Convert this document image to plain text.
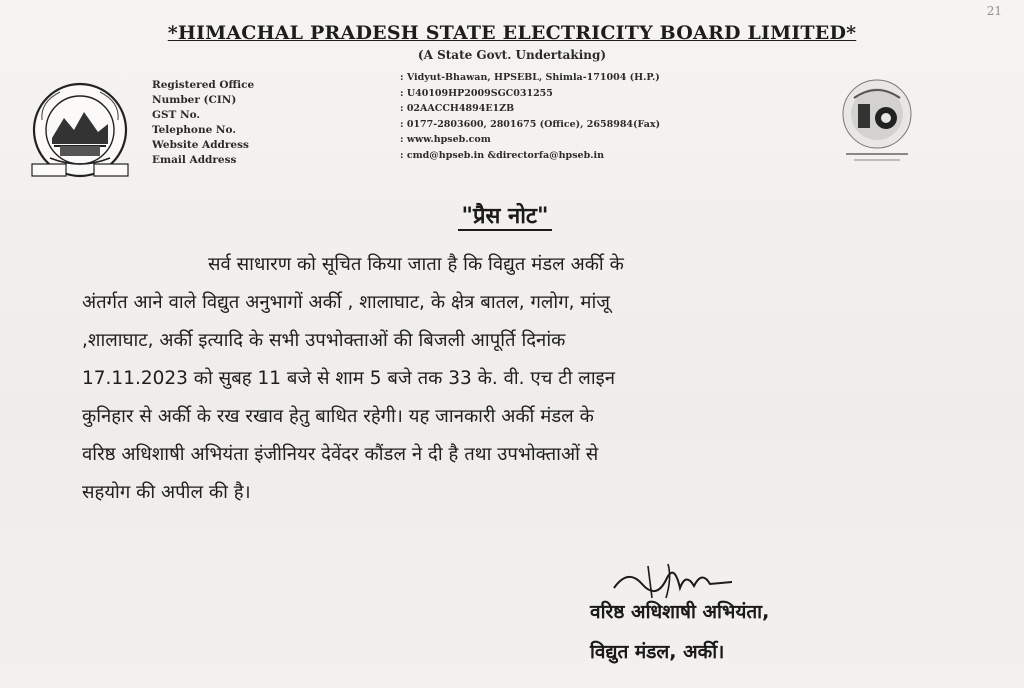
21
*HIMACHAL PRADESH STATE ELECTRICITY BOARD LIMITED*
(A State Govt. Undertaking)
Registered Office
Number (CIN)
GST No.
Telephone No.
Website Address
Email Address
: Vidyut-Bhawan, HPSEBL, Shimla-171004 (H.P.)
: U40109HP2009SGC031255
: 02AACCH4894E1ZB
: 0177-2803600, 2801675 (Office), 2658984(Fax)
: www.hpseb.com
: cmd@hpseb.in &directorfa@hpseb.in
"प्रैस नोट"
सर्व साधारण को सूचित किया जाता है कि विद्युत मंडल अर्की के
अंतर्गत आने वाले विद्युत अनुभागों अर्की , शालाघाट, के क्षेत्र बातल, गलोग, मांजू
,शालाघाट, अर्की इत्यादि के सभी उपभोक्ताओं की बिजली आपूर्ति दिनांक
17.11.2023 को सुबह 11 बजे से शाम 5 बजे तक 33 के. वी. एच टी लाइन
कुनिहार से अर्की के रख रखाव हेतु बाधित रहेगी। यह जानकारी अर्की मंडल के
वरिष्ठ अधिशाषी अभियंता इंजीनियर देवेंदर कौंडल ने दी है तथा उपभोक्ताओं से
सहयोग की अपील की है।
वरिष्ठ अधिशाषी अभियंता,
विद्युत मंडल, अर्की।
